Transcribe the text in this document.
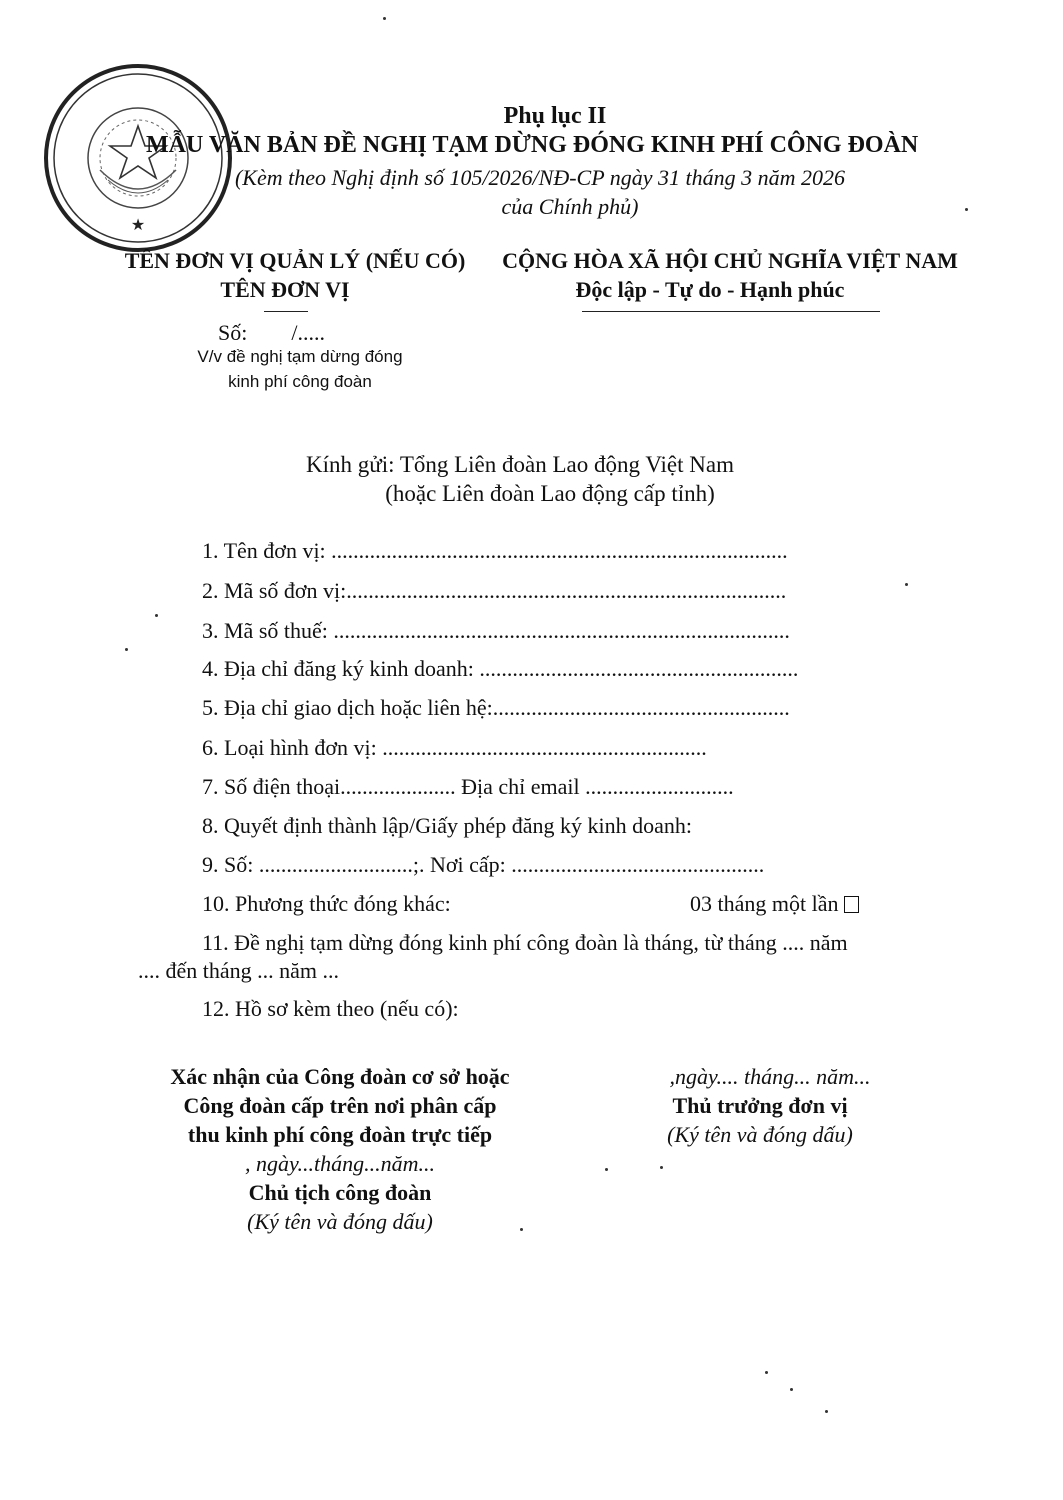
★
Phụ lục II
MẪU VĂN BẢN ĐỀ NGHỊ TẠM DỪNG ĐÓNG KINH PHÍ CÔNG ĐOÀN
(Kèm theo Nghị định số 105/2026/NĐ-CP ngày 31 tháng 3 năm 2026
của Chính phủ)
TÊN ĐƠN VỊ QUẢN LÝ (NẾU CÓ)
TÊN ĐƠN VỊ
Số:        /.....
V/v đề nghị tạm dừng đóng
kinh phí công đoàn
CỘNG HÒA XÃ HỘI CHỦ NGHĨA VIỆT NAM
Độc lập - Tự do - Hạnh phúc
Kính gửi: Tổng Liên đoàn Lao động Việt Nam
(hoặc Liên đoàn Lao động cấp tỉnh)
1. Tên đơn vị: ...................................................................................
2. Mã số đơn vị:................................................................................
3. Mã số thuế: ...................................................................................
4. Địa chỉ đăng ký kinh doanh: ..........................................................
5. Địa chỉ giao dịch hoặc liên hệ:......................................................
6. Loại hình đơn vị: ...........................................................
7. Số điện thoại..................... Địa chỉ email ...........................
8. Quyết định thành lập/Giấy phép đăng ký kinh doanh:
9. Số: ............................;. Nơi cấp: ..............................................
10. Phương thức đóng khác:	03 tháng một lần
11. Đề nghị tạm dừng đóng kinh phí công đoàn là tháng, từ tháng .... năm
.... đến tháng ... năm ...
12. Hồ sơ kèm theo (nếu có):
Xác nhận của Công đoàn cơ sở hoặc
Công đoàn cấp trên nơi phân cấp
thu kinh phí công đoàn trực tiếp
, ngày...tháng...năm...
Chủ tịch công đoàn
(Ký tên và đóng dấu)
,ngày.... tháng... năm...
Thủ trưởng đơn vị
(Ký tên và đóng dấu)
